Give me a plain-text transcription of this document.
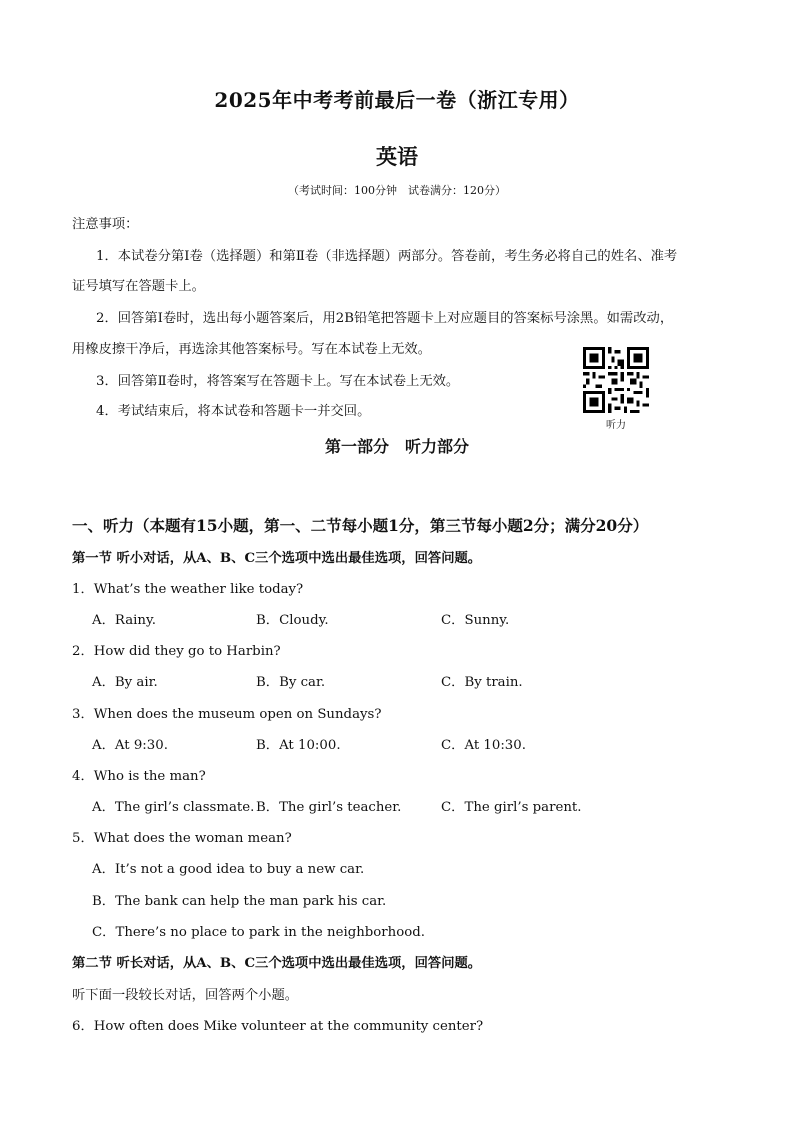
2025年中考考前最后一卷（浙江专用）
英语
（考试时间：100分钟　试卷满分：120分）
注意事项：
1．本试卷分第Ⅰ卷（选择题）和第Ⅱ卷（非选择题）两部分。答卷前，考生务必将自己的姓名、准考
证号填写在答题卡上。
2．回答第Ⅰ卷时，选出每小题答案后，用2B铅笔把答题卡上对应题目的答案标号涂黑。如需改动，
用橡皮擦干净后，再选涂其他答案标号。写在本试卷上无效。
3．回答第Ⅱ卷时，将答案写在答题卡上。写在本试卷上无效。
4．考试结束后，将本试卷和答题卡一并交回。
听力
第一部分　听力部分
一、听力（本题有15小题，第一、二节每小题1分，第三节每小题2分；满分20分）
第一节 听小对话，从A、B、C三个选项中选出最佳选项，回答问题。
1．What’s the weather like today?
A．Rainy.	B．Cloudy.	C．Sunny.
2．How did they go to Harbin?
A．By air.	B．By car.	C．By train.
3．When does the museum open on Sundays?
A．At 9:30.	B．At 10:00.	C．At 10:30.
4．Who is the man?
A．The girl’s classmate. B．The girl’s teacher.	C．The girl’s parent.
5．What does the woman mean?
A．It’s not a good idea to buy a new car.
B．The bank can help the man park his car.
C．There’s no place to park in the neighborhood.
第二节 听长对话，从A、B、C三个选项中选出最佳选项，回答问题。
听下面一段较长对话，回答两个小题。
6．How often does Mike volunteer at the community center?
